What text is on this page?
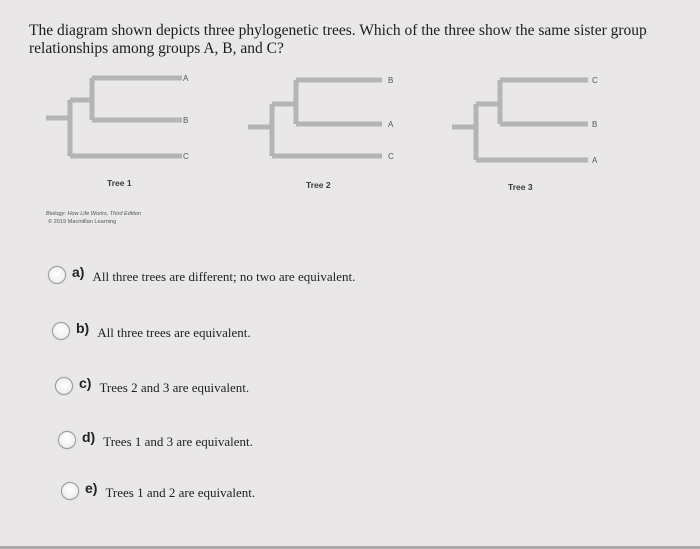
The diagram shown depicts three phylogenetic trees. Which of the three show the same sister group relationships among groups A, B, and C?
A
B
C
B
A
C
C
B
A
Tree 1	Tree 2	Tree 3
Biology: How Life Works, Third Edition
© 2019 Macmillan Learning
a) All three trees are different; no two are equivalent.
b) All three trees are equivalent.
c) Trees 2 and 3 are equivalent.
d) Trees 1 and 3 are equivalent.
e) Trees 1 and 2 are equivalent.
